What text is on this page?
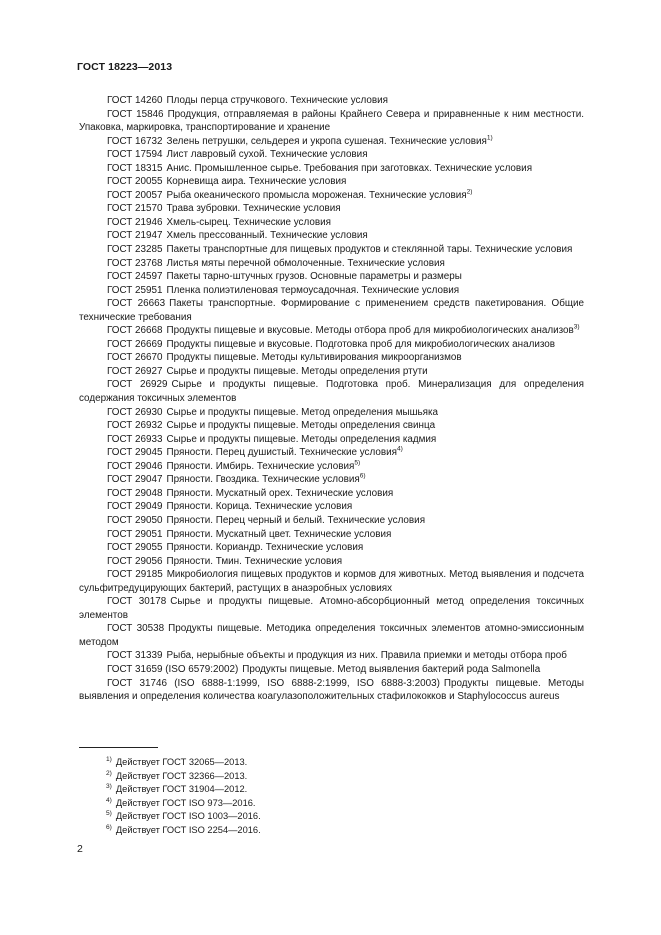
ГОСТ 18223—2013

ГОСТ 14260 Плоды перца стручкового. Технические условия

ГОСТ 15846 Продукция, отправляемая в районы Крайнего Севера и приравненные к ним местности. Упаковка, маркировка, транспортирование и хранение

ГОСТ 16732 Зелень петрушки, сельдерея и укропа сушеная. Технические условия$^{1)}$

ГОСТ 17594 Лист лавровый сухой. Технические условия

ГОСТ 18315 Анис. Промышленное сырье. Требования при заготовках. Технические условия

ГОСТ 20055 Корневища аира. Технические условия

ГОСТ 20057 Рыба океанического промысла мороженая. Технические условия$^{2)}$

ГОСТ 21570 Трава зубровки. Технические условия

ГОСТ 21946 Хмель-сырец. Технические условия

ГОСТ 21947 Хмель прессованный. Технические условия

ГОСТ 23285 Пакеты транспортные для пищевых продуктов и стеклянной тары. Технические условия

ГОСТ 23768 Листья мяты перечной обмолоченные. Технические условия

ГОСТ 24597 Пакеты тарно-штучных грузов. Основные параметры и размеры

ГОСТ 25951 Пленка полиэтиленовая термоусадочная. Технические условия

ГОСТ 26663 Пакеты транспортные. Формирование с применением средств пакетирования. Общие технические требования

ГОСТ 26668 Продукты пищевые и вкусовые. Методы отбора проб для микробиологических анализов$^{3)}$

ГОСТ 26669 Продукты пищевые и вкусовые. Подготовка проб для микробиологических анализов

ГОСТ 26670 Продукты пищевые. Методы культивирования микроорганизмов

ГОСТ 26927 Сырье и продукты пищевые. Методы определения ртути

ГОСТ 26929 Сырье и продукты пищевые. Подготовка проб. Минерализация для определения содержания токсичных элементов

ГОСТ 26930 Сырье и продукты пищевые. Метод определения мышьяка

ГОСТ 26932 Сырье и продукты пищевые. Методы определения свинца

ГОСТ 26933 Сырье и продукты пищевые. Методы определения кадмия

ГОСТ 29045 Пряности. Перец душистый. Технические условия$^{4)}$

ГОСТ 29046 Пряности. Имбирь. Технические условия$^{5)}$

ГОСТ 29047 Пряности. Гвоздика. Технические условия$^{6)}$

ГОСТ 29048 Пряности. Мускатный орех. Технические условия

ГОСТ 29049 Пряности. Корица. Технические условия

ГОСТ 29050 Пряности. Перец черный и белый. Технические условия

ГОСТ 29051 Пряности. Мускатный цвет. Технические условия

ГОСТ 29055 Пряности. Кориандр. Технические условия

ГОСТ 29056 Пряности. Тмин. Технические условия

ГОСТ 29185 Микробиология пищевых продуктов и кормов для животных. Метод выявления и подсчета сульфитредуцирующих бактерий, растущих в анаэробных условиях

ГОСТ 30178 Сырье и продукты пищевые. Атомно-абсорбционный метод определения токсичных элементов

ГОСТ 30538 Продукты пищевые. Методика определения токсичных элементов атомно-эмиссионным методом

ГОСТ 31339 Рыба, нерыбные объекты и продукция из них. Правила приемки и методы отбора проб

ГОСТ 31659 (ISO 6579:2002) Продукты пищевые. Метод выявления бактерий рода Salmonella

ГОСТ 31746 (ISO 6888-1:1999, ISO 6888-2:1999, ISO 6888-3:2003) Продукты пищевые. Методы выявления и определения количества коагулазоположительных стафилококков и Staphylococcus aureus

$^{1)}$ Действует ГОСТ 32065—2013.

$^{2)}$ Действует ГОСТ 32366—2013.

$^{3)}$ Действует ГОСТ 31904—2012.

$^{4)}$ Действует ГОСТ ISO 973—2016.

$^{5)}$ Действует ГОСТ ISO 1003—2016.

$^{6)}$ Действует ГОСТ ISO 2254—2016.

2
